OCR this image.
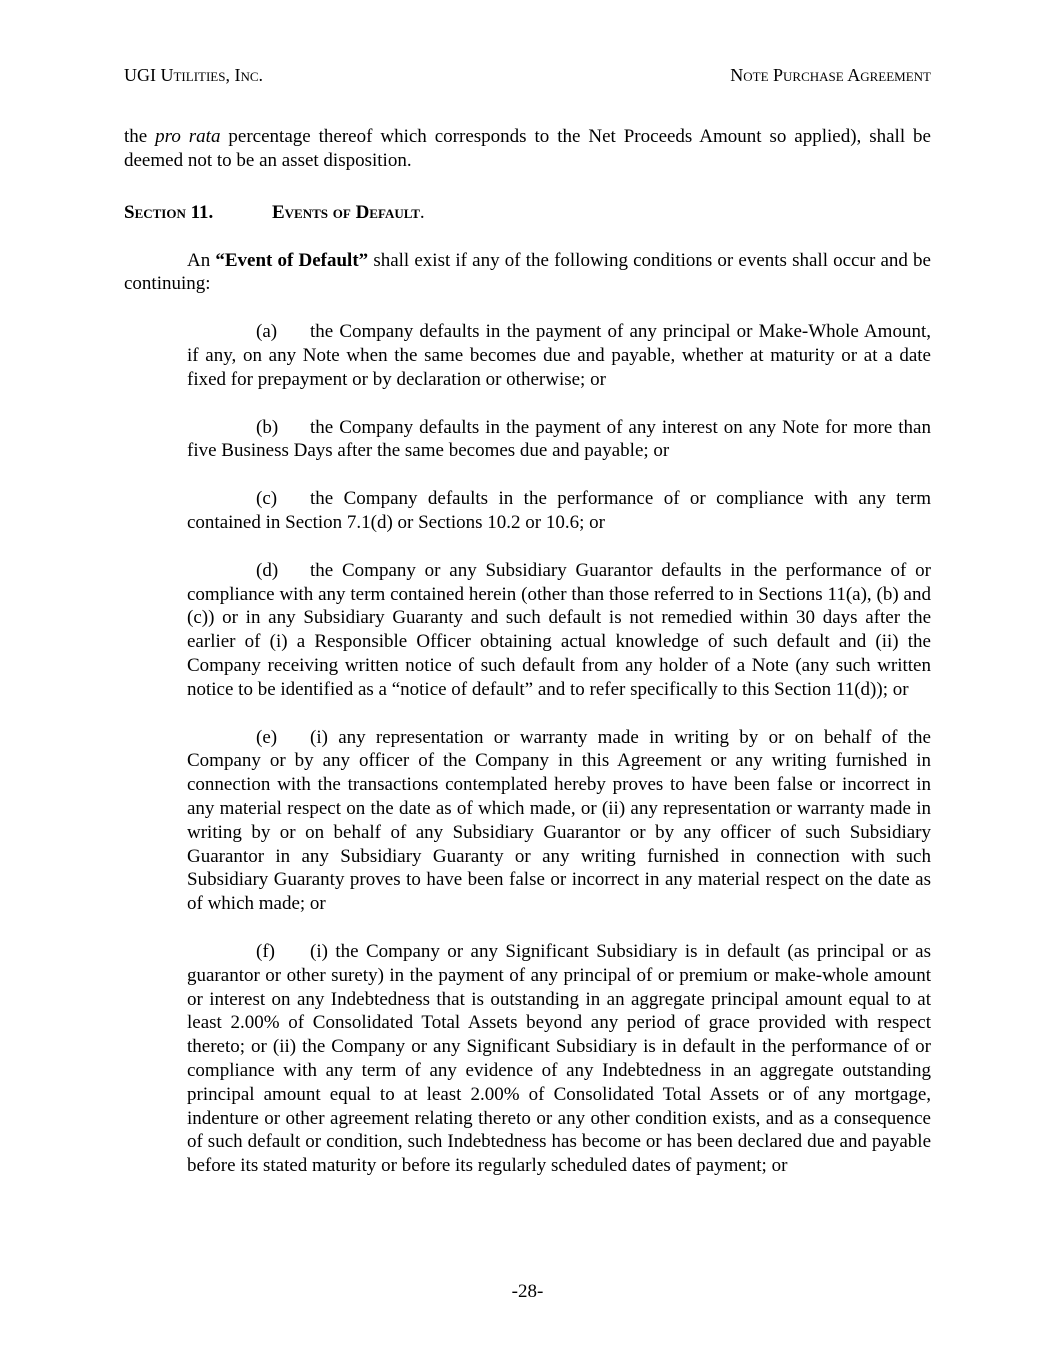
UGI Utilities, Inc.	Note Purchase Agreement

the pro rata percentage thereof which corresponds to the Net Proceeds Amount so applied), shall be deemed not to be an asset disposition.

Section 11.	Events of Default.

An “Event of Default” shall exist if any of the following conditions or events shall occur and be continuing:

(a) the Company defaults in the payment of any principal or Make-Whole Amount, if any, on any Note when the same becomes due and payable, whether at maturity or at a date fixed for prepayment or by declaration or otherwise; or

(b) the Company defaults in the payment of any interest on any Note for more than five Business Days after the same becomes due and payable; or

(c) the Company defaults in the performance of or compliance with any term contained in Section 7.1(d) or Sections 10.2 or 10.6; or

(d) the Company or any Subsidiary Guarantor defaults in the performance of or compliance with any term contained herein (other than those referred to in Sections 11(a), (b) and (c)) or in any Subsidiary Guaranty and such default is not remedied within 30 days after the earlier of (i) a Responsible Officer obtaining actual knowledge of such default and (ii) the Company receiving written notice of such default from any holder of a Note (any such written notice to be identified as a “notice of default” and to refer specifically to this Section 11(d)); or

(e) (i) any representation or warranty made in writing by or on behalf of the Company or by any officer of the Company in this Agreement or any writing furnished in connection with the transactions contemplated hereby proves to have been false or incorrect in any material respect on the date as of which made, or (ii) any representation or warranty made in writing by or on behalf of any Subsidiary Guarantor or by any officer of such Subsidiary Guarantor in any Subsidiary Guaranty or any writing furnished in connection with such Subsidiary Guaranty proves to have been false or incorrect in any material respect on the date as of which made; or

(f) (i) the Company or any Significant Subsidiary is in default (as principal or as guarantor or other surety) in the payment of any principal of or premium or make-whole amount or interest on any Indebtedness that is outstanding in an aggregate principal amount equal to at least 2.00% of Consolidated Total Assets beyond any period of grace provided with respect thereto; or (ii) the Company or any Significant Subsidiary is in default in the performance of or compliance with any term of any evidence of any Indebtedness in an aggregate outstanding principal amount equal to at least 2.00% of Consolidated Total Assets or of any mortgage, indenture or other agreement relating thereto or any other condition exists, and as a consequence of such default or condition, such Indebtedness has become or has been declared due and payable before its stated maturity or before its regularly scheduled dates of payment; or

-28-
